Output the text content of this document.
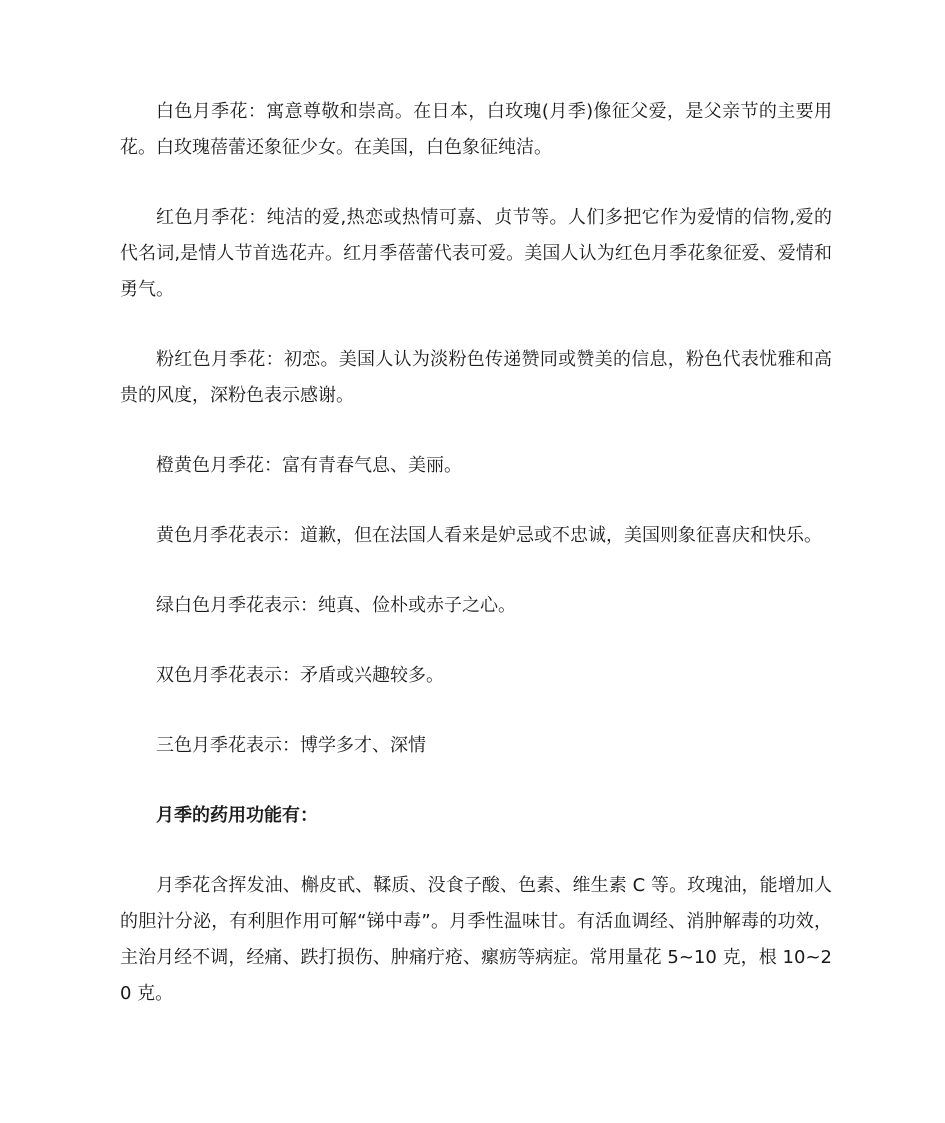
白色月季花：寓意尊敬和崇高。在日本，白玫瑰(月季)像征父爱，是父亲节的主要用花。白玫瑰蓓蕾还象征少女。在美国，白色象征纯洁。

红色月季花：纯洁的爱,热恋或热情可嘉、贞节等。人们多把它作为爱情的信物,爱的代名词,是情人节首选花卉。红月季蓓蕾代表可爱。美国人认为红色月季花象征爱、爱情和勇气。

粉红色月季花：初恋。美国人认为淡粉色传递赞同或赞美的信息，粉色代表忧雅和高贵的风度，深粉色表示感谢。

橙黄色月季花：富有青春气息、美丽。

黄色月季花表示：道歉，但在法国人看来是妒忌或不忠诚，美国则象征喜庆和快乐。

绿白色月季花表示：纯真、俭朴或赤子之心。

双色月季花表示：矛盾或兴趣较多。

三色月季花表示：博学多才、深情

月季的药用功能有：

月季花含挥发油、槲皮甙、鞣质、没食子酸、色素、维生素 C 等。玫瑰油，能增加人的胆汁分泌，有利胆作用可解“锑中毒”。月季性温味甘。有活血调经、消肿解毒的功效，主治月经不调，经痛、跌打损伤、肿痛疔疮、瘰疬等病症。常用量花 5~10 克，根 10~20 克。
